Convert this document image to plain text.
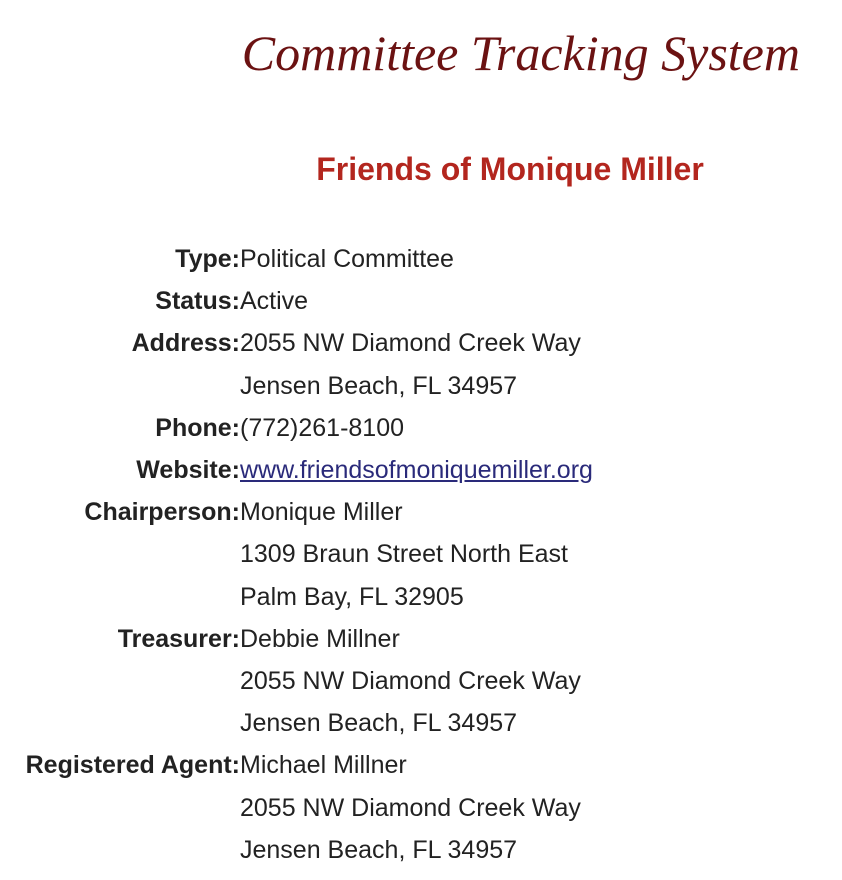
Committee Tracking System
Friends of Monique Miller
Type: Political Committee
Status: Active
Address: 2055 NW Diamond Creek Way
Jensen Beach, FL 34957
Phone: (772)261-8100
Website: www.friendsofmoniquemiller.org
Chairperson: Monique Miller
1309 Braun Street North East
Palm Bay, FL 32905
Treasurer: Debbie Millner
2055 NW Diamond Creek Way
Jensen Beach, FL 34957
Registered Agent: Michael Millner
2055 NW Diamond Creek Way
Jensen Beach, FL 34957
